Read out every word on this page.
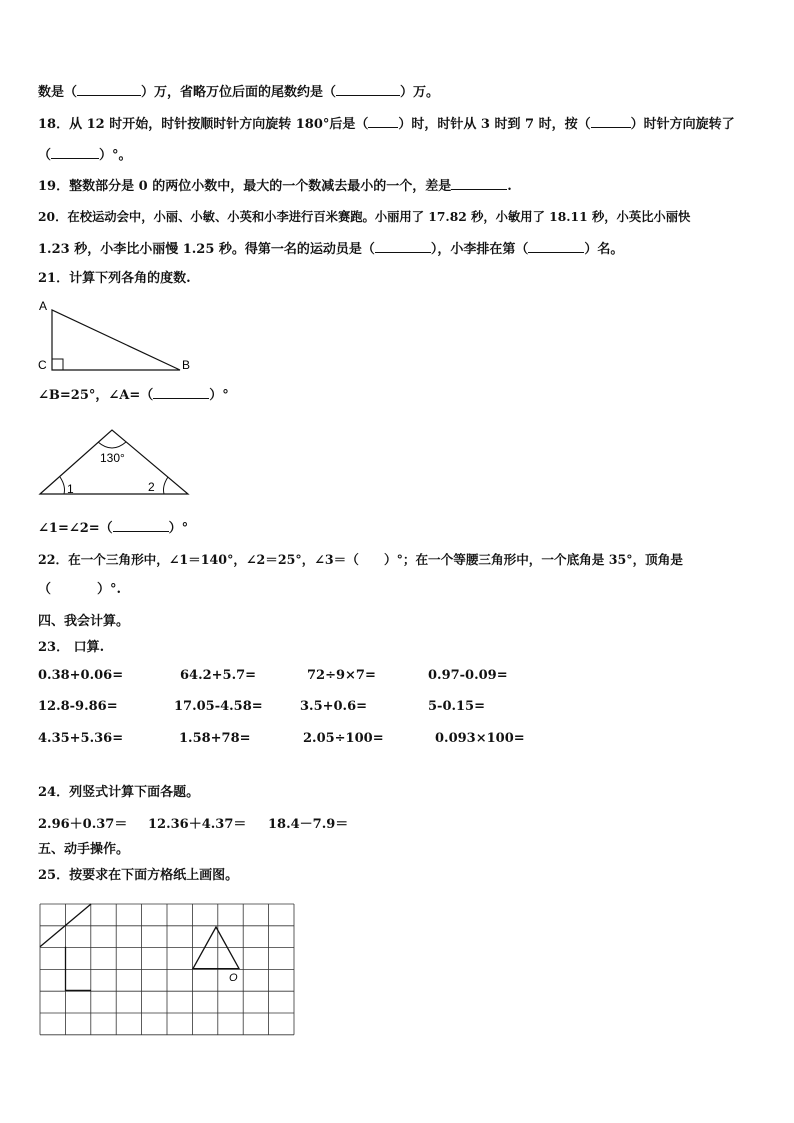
数是（	）万，省略万位后面的尾数约是（	）万。
18．从 12 时开始，时针按顺时针方向旋转 180°后是（ ）时，时针从 3 时到 7 时，按（	）时针方向旋转了
（	）°。
19．整数部分是 0 的两位小数中，最大的一个数减去最小的一个，差是	.
20．在校运动会中，小丽、小敏、小英和小李进行百米赛跑。小丽用了 17.82 秒，小敏用了 18.11 秒，小英比小丽快
1.23 秒，小李比小丽慢 1.25 秒。得第一名的运动员是（	），小李排在第（	）名。
21．计算下列各角的度数.
A
C	B
∠B=25°，∠A=（	）°
130°
1	2
∠1=∠2=（	）°
22．在一个三角形中，∠1＝140°，∠2＝25°，∠3＝（　　）°；在一个等腰三角形中，一个底角是 35°，顶角是
（	）°.
四、我会计算。
23． 口算.
0.38+0.06=	64.2+5.7=	72÷9×7=	0.97-0.09=
12.8-9.86=	17.05-4.58=	3.5+0.6=	5-0.15=
4.35+5.36=	1.58+78=	2.05÷100=	0.093×100=
24．列竖式计算下面各题。
2.96＋0.37＝ 12.36＋4.37＝ 18.4－7.9＝
五、动手操作。
25．按要求在下面方格纸上画图。
O
